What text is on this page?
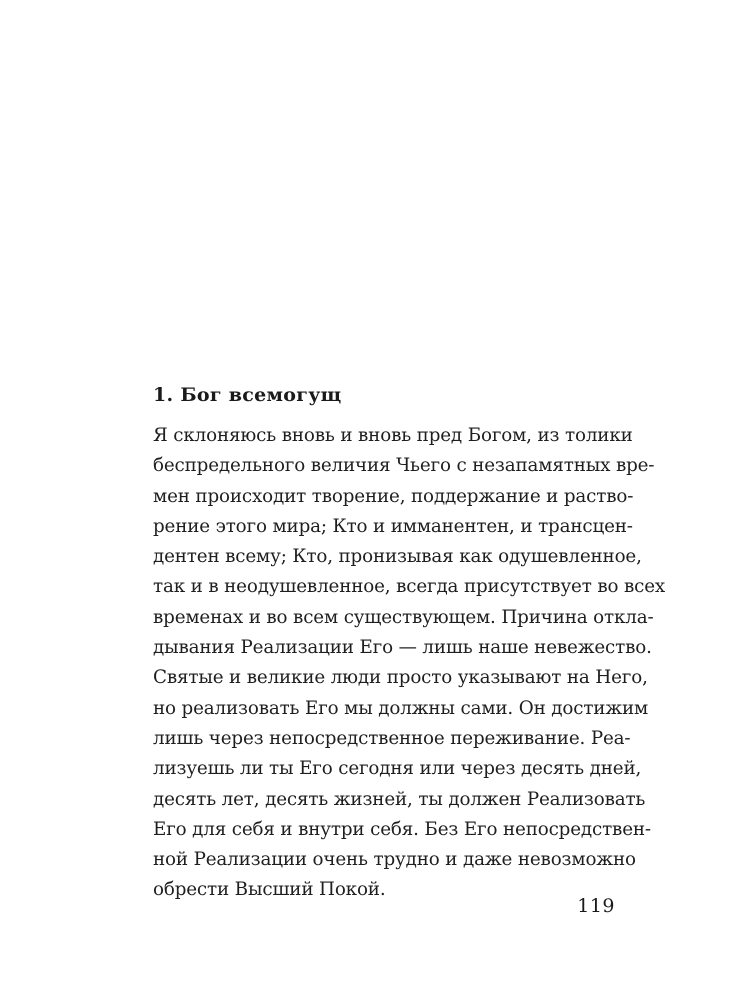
1. Бог всемогущ
Я склоняюсь вновь и вновь пред Богом, из толики
беспредельного величия Чьего с незапамятных вре-
мен происходит творение, поддержание и раство-
рение этого мира; Кто и имманентен, и трансцен-
дентен всему; Кто, пронизывая как одушевленное,
так и в неодушевленное, всегда присутствует во всех
временах и во всем существующем. Причина откла-
дывания Реализации Его — лишь наше невежество.
Святые и великие люди просто указывают на Него,
но реализовать Его мы должны сами. Он достижим
лишь через непосредственное переживание. Реа-
лизуешь ли ты Его сегодня или через десять дней,
десять лет, десять жизней, ты должен Реализовать
Его для себя и внутри себя. Без Его непосредствен-
ной Реализации очень трудно и даже невозможно
обрести Высший Покой.
119
